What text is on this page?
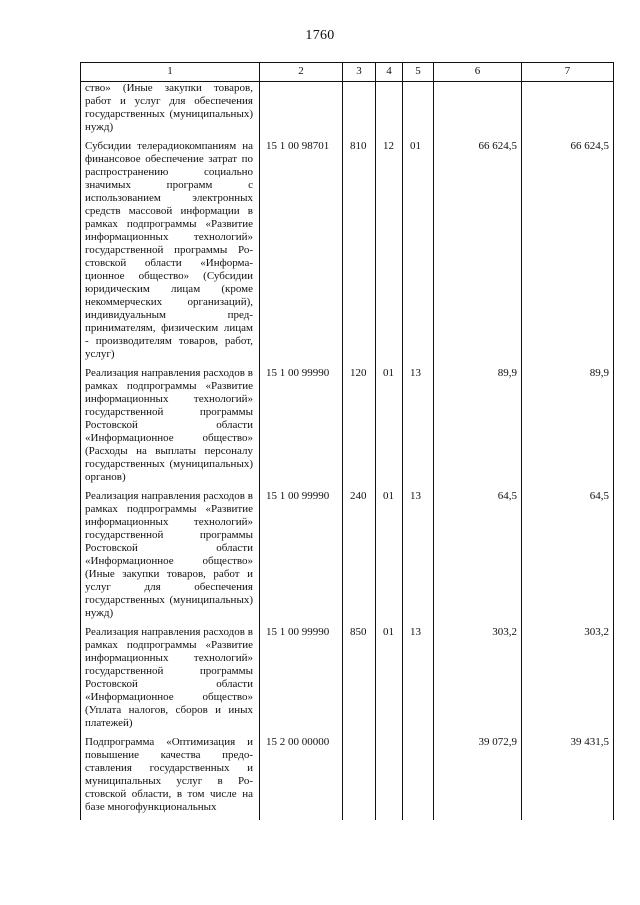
1760
1	2	3	4	5	6	7
ство» (Иные закупки товаров, работ и услуг для обеспечения государственных (муниципальных) нужд)						
Субсидии телерадиокомпаниям на финансовое обеспечение затрат по распространению социально значимых программ с использованием электронных средств массовой информации в рамках подпрограммы «Развитие информационных технологий» государственной программы Ростовской области «Информационное общество» (Субсидии юридическим лицам (кроме некоммерческих организаций), индивидуальным предпринимателям, физическим лицам - производителям товаров, работ, услуг)	15 1 00 98701	810	12	01	66 624,5	66 624,5
Реализация направления расходов в рамках подпрограммы «Развитие информационных технологий» государственной программы Ростовской области «Информационное общество» (Расходы на выплаты персоналу государственных (муниципальных) органов)	15 1 00 99990	120	01	13	89,9	89,9
Реализация направления расходов в рамках подпрограммы «Развитие информационных технологий» государственной программы Ростовской области «Информационное общество» (Иные закупки товаров, работ и услуг для обеспечения государственных (муниципальных) нужд)	15 1 00 99990	240	01	13	64,5	64,5
Реализация направления расходов в рамках подпрограммы «Развитие информационных технологий» государственной программы Ростовской области «Информационное общество» (Уплата налогов, сборов и иных платежей)	15 1 00 99990	850	01	13	303,2	303,2
Подпрограмма «Оптимизация и повышение качества предоставления государственных и муниципальных услуг в Ростовской области, в том числе на базе многофункциональных	15 2 00 00000				39 072,9	39 431,5
